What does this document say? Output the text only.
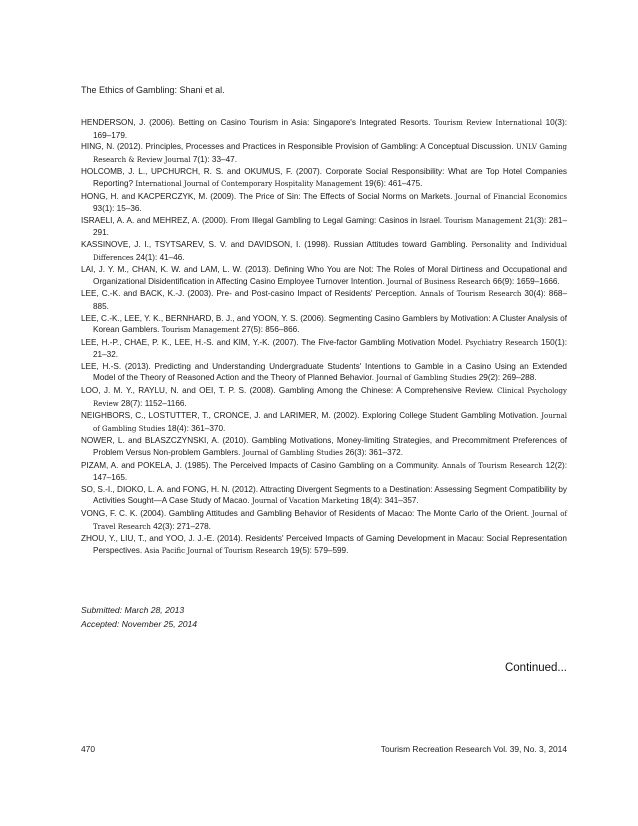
The Ethics of Gambling: Shani et al.
HENDERSON, J. (2006). Betting on Casino Tourism in Asia: Singapore's Integrated Resorts. Tourism Review International 10(3): 169–179.
HING, N. (2012). Principles, Processes and Practices in Responsible Provision of Gambling: A Conceptual Discussion. UNLV Gaming Research & Review Journal 7(1): 33–47.
HOLCOMB, J. L., UPCHURCH, R. S. and OKUMUS, F. (2007). Corporate Social Responsibility: What are Top Hotel Companies Reporting? International Journal of Contemporary Hospitality Management 19(6): 461–475.
HONG, H. and KACPERCZYK, M. (2009). The Price of Sin: The Effects of Social Norms on Markets. Journal of Financial Economics 93(1): 15–36.
ISRAELI, A. A. and MEHREZ, A. (2000). From Illegal Gambling to Legal Gaming: Casinos in Israel. Tourism Management 21(3): 281–291.
KASSINOVE, J. I., TSYTSAREV, S. V. and DAVIDSON, I. (1998). Russian Attitudes toward Gambling. Personality and Individual Differences 24(1): 41–46.
LAI, J. Y. M., CHAN, K. W. and LAM, L. W. (2013). Defining Who You are Not: The Roles of Moral Dirtiness and Occupational and Organizational Disidentification in Affecting Casino Employee Turnover Intention. Journal of Business Research 66(9): 1659–1666.
LEE, C.-K. and BACK, K.-J. (2003). Pre- and Post-casino Impact of Residents' Perception. Annals of Tourism Research 30(4): 868–885.
LEE, C.-K., LEE, Y. K., BERNHARD, B. J., and YOON, Y. S. (2006). Segmenting Casino Gamblers by Motivation: A Cluster Analysis of Korean Gamblers. Tourism Management 27(5): 856–866.
LEE, H.-P., CHAE, P. K., LEE, H.-S. and KIM, Y.-K. (2007). The Five-factor Gambling Motivation Model. Psychiatry Research 150(1): 21–32.
LEE, H.-S. (2013). Predicting and Understanding Undergraduate Students' Intentions to Gamble in a Casino Using an Extended Model of the Theory of Reasoned Action and the Theory of Planned Behavior. Journal of Gambling Studies 29(2): 269–288.
LOO, J. M. Y., RAYLU, N. and OEI, T. P. S. (2008). Gambling Among the Chinese: A Comprehensive Review. Clinical Psychology Review 28(7): 1152–1166.
NEIGHBORS, C., LOSTUTTER, T., CRONCE, J. and LARIMER, M. (2002). Exploring College Student Gambling Motivation. Journal of Gambling Studies 18(4): 361–370.
NOWER, L. and BLASZCZYNSKI, A. (2010). Gambling Motivations, Money-limiting Strategies, and Precommitment Preferences of Problem Versus Non-problem Gamblers. Journal of Gambling Studies 26(3): 361–372.
PIZAM, A. and POKELA, J. (1985). The Perceived Impacts of Casino Gambling on a Community. Annals of Tourism Research 12(2): 147–165.
SO, S.-I., DIOKO, L. A. and FONG, H. N. (2012). Attracting Divergent Segments to a Destination: Assessing Segment Compatibility by Activities Sought—A Case Study of Macao. Journal of Vacation Marketing 18(4): 341–357.
VONG, F. C. K. (2004). Gambling Attitudes and Gambling Behavior of Residents of Macao: The Monte Carlo of the Orient. Journal of Travel Research 42(3): 271–278.
ZHOU, Y., LIU, T., and YOO, J. J.-E. (2014). Residents' Perceived Impacts of Gaming Development in Macau: Social Representation Perspectives. Asia Pacific Journal of Tourism Research 19(5): 579–599.
Submitted: March 28, 2013
Accepted: November 25, 2014
Continued...
470	Tourism Recreation Research Vol. 39, No. 3, 2014
